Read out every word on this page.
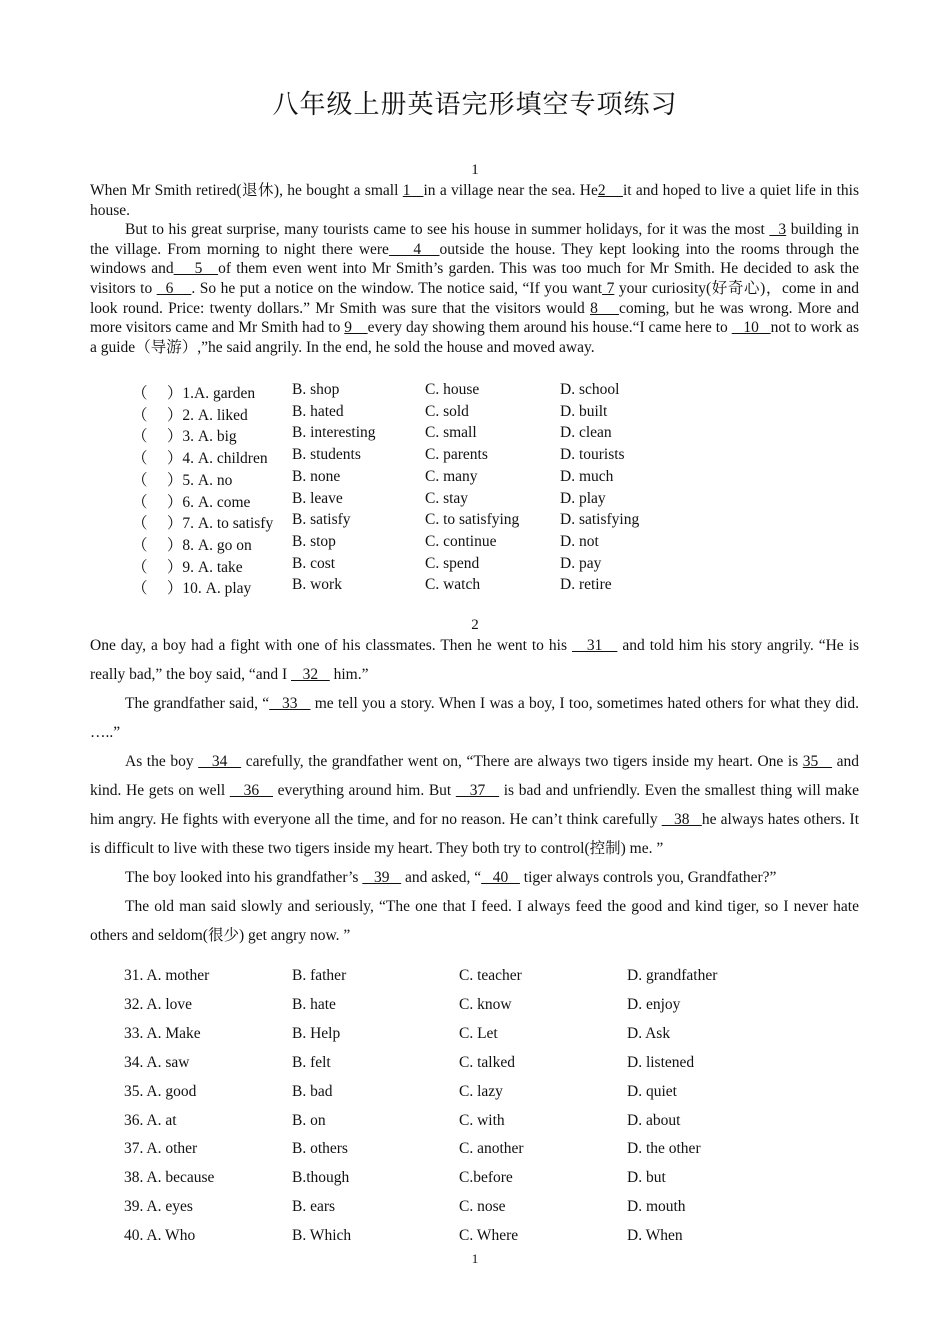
八年级上册英语完形填空专项练习
1
When Mr Smith retired(退休), he bought a small 1   in a village near the sea. He2    it and hoped to live a quiet life in this house.
But to his great surprise, many tourists came to see his house in summer holidays, for it was the most   3 building in the village. From morning to night there were    4   outside the house. They kept looking into the rooms through the windows and    5   of them even went into Mr Smith’s garden. This was too much for Mr Smith. He decided to ask the visitors to   6    . So he put a notice on the window. The notice said, “If you want 7 your curiosity(好奇心)，come in and look round. Price: twenty dollars.” Mr Smith was sure that the visitors would 8    coming, but he was wrong. More and more visitors came and Mr Smith had to 9    every day showing them around his house.“I came here to    10   not to work as a guide（导游）,”he said angrily. In the end, he sold the house and moved away.
（　 ）1.A. garden B. shop	C. house	D. school
（　 ）2. A. liked	B. hated	C. sold	D. built
（　 ）3. A. big	B. interesting	C. small	D. clean
（　 ）4. A. children B. students	C. parents	D. tourists
（　 ）5. A. no	B. none	C. many	D. much
（　 ）6. A. come	B. leave	C. stay	D. play
（　 ）7. A. to satisfy B. satisfy	C. to satisfying	D. satisfying
（　 ）8. A. go on	B. stop	C. continue	D. not
（　 ）9. A. take	B. cost	C. spend	D. pay
（　 ）10. A. play	B. work	C. watch	D. retire
2
One day, a boy had a fight with one of his classmates. Then he went to his    31    and told him his story angrily. “He is really bad,” the boy said, “and I    32    him.”
The grandfather said, “   33    me tell you a story. When I was a boy, I too, sometimes hated others for what they did. …..”
As the boy    34    carefully, the grandfather went on, “There are always two tigers inside my heart. One is 35    and kind. He gets on well    36    everything around him. But    37    is bad and unfriendly. Even the smallest thing will make him angry. He fights with everyone all the time, and for no reason. He can’t think carefully    38   he always hates others. It is difficult to live with these two tigers inside my heart. They both try to control(控制) me. ”
The boy looked into his grandfather’s    39    and asked, “   40    tiger always controls you, Grandfather?”
The old man said slowly and seriously, “The one that I feed. I always feed the good and kind tiger, so I never hate others and seldom(很少) get angry now. ”
31. A. mother	B. father	C. teacher	D. grandfather
32. A. love	B. hate	C. know	D. enjoy
33. A. Make	B. Help	C. Let	D. Ask
34. A. saw	B. felt	C. talked	D. listened
35. A. good	B. bad	C. lazy	D. quiet
36. A. at	B. on	C. with	D. about
37. A. other	B. others	C. another	D. the other
38. A. because	B.though	C.before	D. but
39. A. eyes	B. ears	C. nose	D. mouth
40. A. Who	B. Which	C. Where	D. When
1
